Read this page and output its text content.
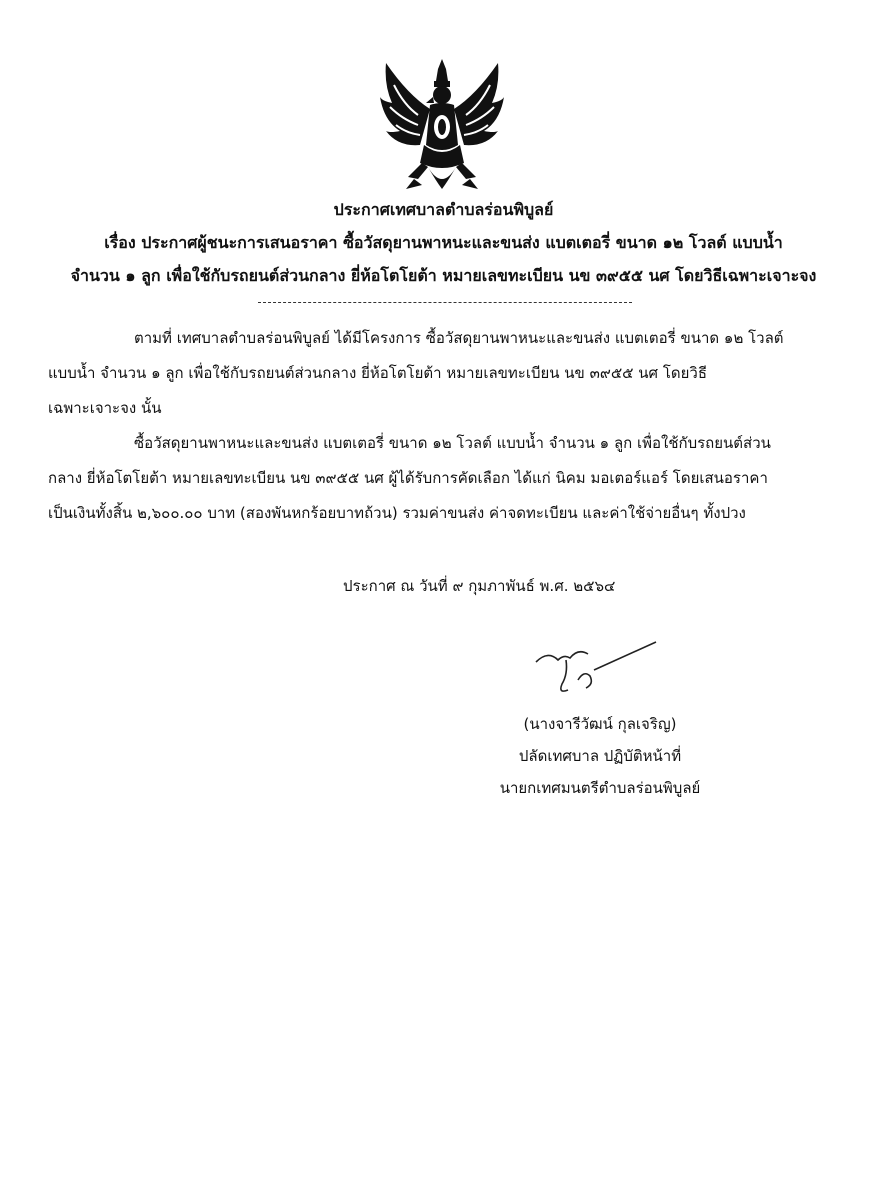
ประกาศเทศบาลตำบลร่อนพิบูลย์
เรื่อง ประกาศผู้ชนะการเสนอราคา ซื้อวัสดุยานพาหนะและขนส่ง แบตเตอรี่ ขนาด ๑๒ โวลต์ แบบน้ำ
จำนวน ๑ ลูก เพื่อใช้กับรถยนต์ส่วนกลาง ยี่ห้อโตโยต้า หมายเลขทะเบียน นข ๓๙๕๕ นศ โดยวิธีเฉพาะเจาะจง
ตามที่ เทศบาลตำบลร่อนพิบูลย์ ได้มีโครงการ ซื้อวัสดุยานพาหนะและขนส่ง แบตเตอรี่ ขนาด ๑๒ โวลต์
แบบน้ำ จำนวน ๑ ลูก เพื่อใช้กับรถยนต์ส่วนกลาง ยี่ห้อโตโยต้า หมายเลขทะเบียน นข ๓๙๕๕ นศ โดยวิธี
เฉพาะเจาะจง นั้น
ซื้อวัสดุยานพาหนะและขนส่ง แบตเตอรี่ ขนาด ๑๒ โวลต์ แบบน้ำ จำนวน ๑ ลูก เพื่อใช้กับรถยนต์ส่วน
กลาง ยี่ห้อโตโยต้า หมายเลขทะเบียน นข ๓๙๕๕ นศ ผู้ได้รับการคัดเลือก ได้แก่ นิคม มอเตอร์แอร์ โดยเสนอราคา
เป็นเงินทั้งสิ้น ๒,๖๐๐.๐๐ บาท (สองพันหกร้อยบาทถ้วน) รวมค่าขนส่ง ค่าจดทะเบียน และค่าใช้จ่ายอื่นๆ ทั้งปวง
ประกาศ ณ วันที่ ๙ กุมภาพันธ์ พ.ศ. ๒๕๖๔
(นางจารีวัฒน์ กุลเจริญ)
ปลัดเทศบาล ปฏิบัติหน้าที่
นายกเทศมนตรีตำบลร่อนพิบูลย์
